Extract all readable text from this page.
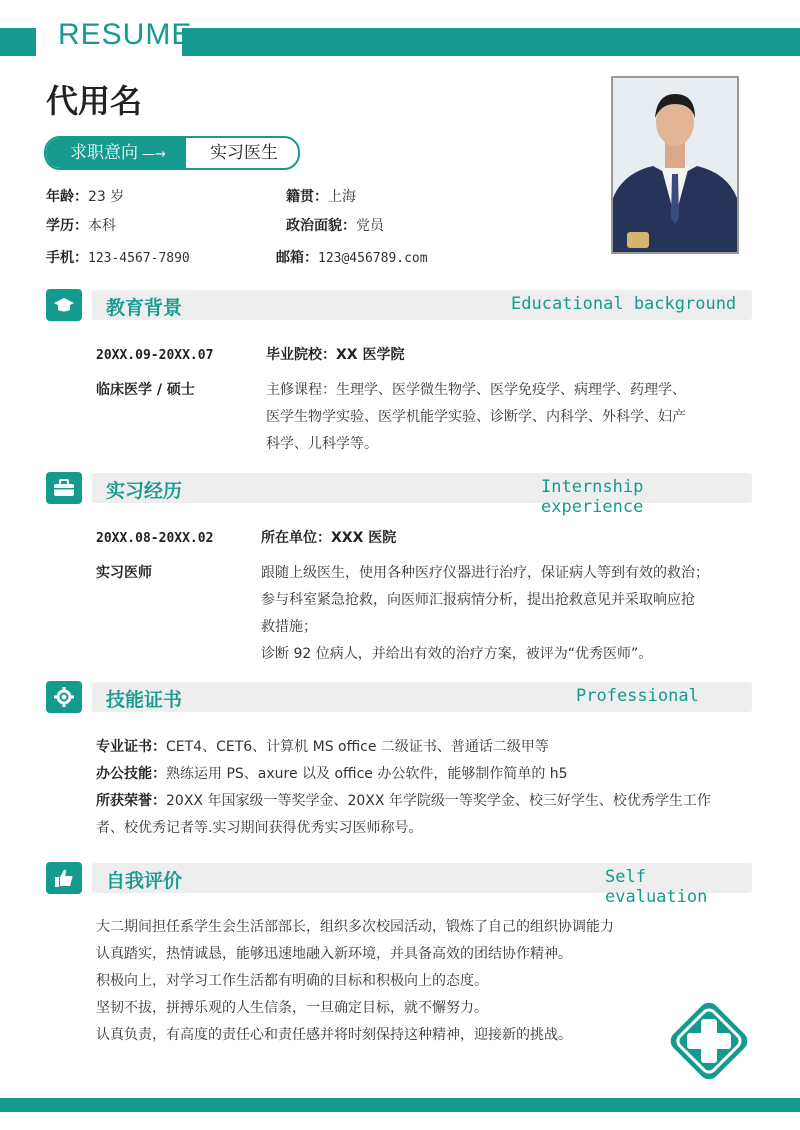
RESUME
代用名
求职意向 —→	实习医生
年龄：23 岁	籍贯：上海
学历：本科	政治面貌：党员
手机：123-4567-7890	邮箱：123@456789.com
教育背景	Educational background
20XX.09-20XX.07	毕业院校：XX 医学院
临床医学 / 硕士	主修课程：生理学、医学微生物学、医学免疫学、病理学、药理学、
医学生物学实验、医学机能学实验、诊断学、内科学、外科学、妇产
科学、儿科学等。
实习经历	Internship experience
20XX.08-20XX.02	所在单位：XXX 医院
实习医师	跟随上级医生，使用各种医疗仪器进行治疗，保证病人等到有效的救治；
参与科室紧急抢救，向医师汇报病情分析，提出抢救意见并采取响应抢
救措施；
诊断 92 位病人，并给出有效的治疗方案，被评为“优秀医师”。
技能证书	Professional
专业证书：CET4、CET6、计算机 MS office 二级证书、普通话二级甲等
办公技能：熟练运用 PS、axure 以及 office 办公软件，能够制作简单的 h5
所获荣誉：20XX 年国家级一等奖学金、20XX 年学院级一等奖学金、校三好学生、校优秀学生工作
者、校优秀记者等.实习期间获得优秀实习医师称号。
自我评价	Self evaluation
大二期间担任系学生会生活部部长，组织多次校园活动，锻炼了自己的组织协调能力
认真踏实，热情诚恳，能够迅速地融入新环境，并具备高效的团结协作精神。
积极向上，对学习工作生活都有明确的目标和积极向上的态度。
坚韧不拔，拼搏乐观的人生信条，一旦确定目标，就不懈努力。
认真负责，有高度的责任心和责任感并将时刻保持这种精神，迎接新的挑战。
